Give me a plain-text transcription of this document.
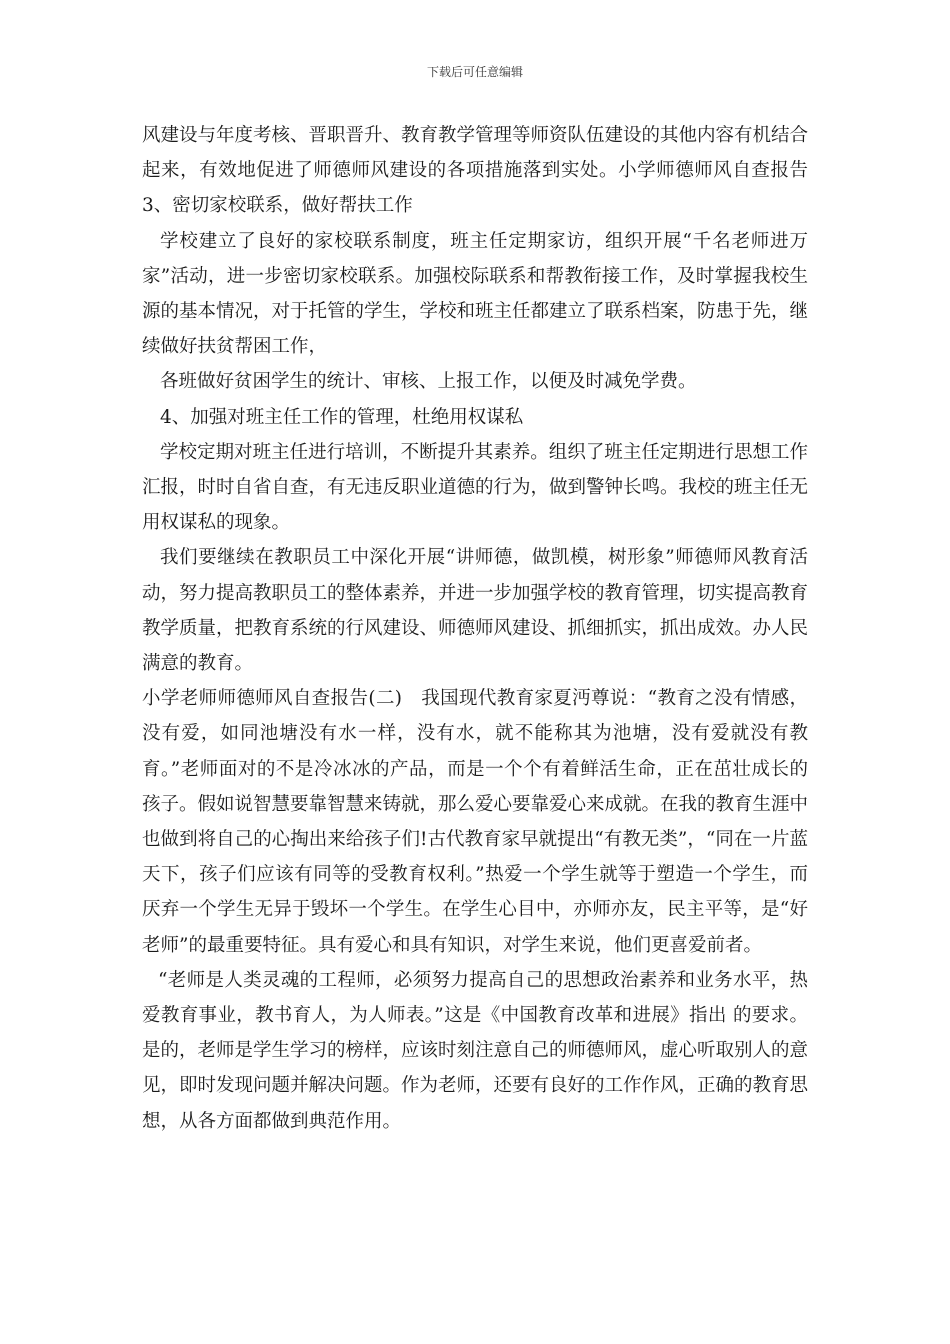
下载后可任意编辑

风建设与年度考核、晋职晋升、教育教学管理等师资队伍建设的其他内容有机结合起来，有效地促进了师德师风建设的各项措施落到实处。小学师德师风自查报告3、密切家校联系，做好帮扶工作

学校建立了良好的家校联系制度，班主任定期家访，组织开展“千名老师进万家”活动，进一步密切家校联系。加强校际联系和帮教衔接工作，及时掌握我校生源的基本情况，对于托管的学生，学校和班主任都建立了联系档案，防患于先，继续做好扶贫帮困工作，

各班做好贫困学生的统计、审核、上报工作，以便及时减免学费。

4、加强对班主任工作的管理，杜绝用权谋私

学校定期对班主任进行培训，不断提升其素养。组织了班主任定期进行思想工作汇报，时时自省自查，有无违反职业道德的行为，做到警钟长鸣。我校的班主任无用权谋私的现象。

我们要继续在教职员工中深化开展“讲师德，做凯模，树形象”师德师风教育活动，努力提高教职员工的整体素养，并进一步加强学校的教育管理，切实提高教育教学质量，把教育系统的行风建设、师德师风建设、抓细抓实，抓出成效。办人民满意的教育。

小学老师师德师风自查报告(二)　我国现代教育家夏沔尊说：“教育之没有情感，没有爱，如同池塘没有水一样，没有水，就不能称其为池塘，没有爱就没有教育。”老师面对的不是冷冰冰的产品，而是一个个有着鲜活生命，正在茁壮成长的孩子。假如说智慧要靠智慧来铸就，那么爱心要靠爱心来成就。在我的教育生涯中也做到将自己的心掏出来给孩子们!古代教育家早就提出“有教无类”，“同在一片蓝天下，孩子们应该有同等的受教育权利。”热爱一个学生就等于塑造一个学生，而厌弃一个学生无异于毁坏一个学生。在学生心目中，亦师亦友，民主平等，是“好老师”的最重要特征。具有爱心和具有知识，对学生来说，他们更喜爱前者。

“老师是人类灵魂的工程师，必须努力提高自己的思想政治素养和业务水平，热爱教育事业，教书育人，为人师表。”这是《中国教育改革和进展》指出 的要求。是的，老师是学生学习的榜样，应该时刻注意自己的师德师风，虚心听取别人的意见，即时发现问题并解决问题。作为老师，还要有良好的工作作风，正确的教育思想，从各方面都做到典范作用。
